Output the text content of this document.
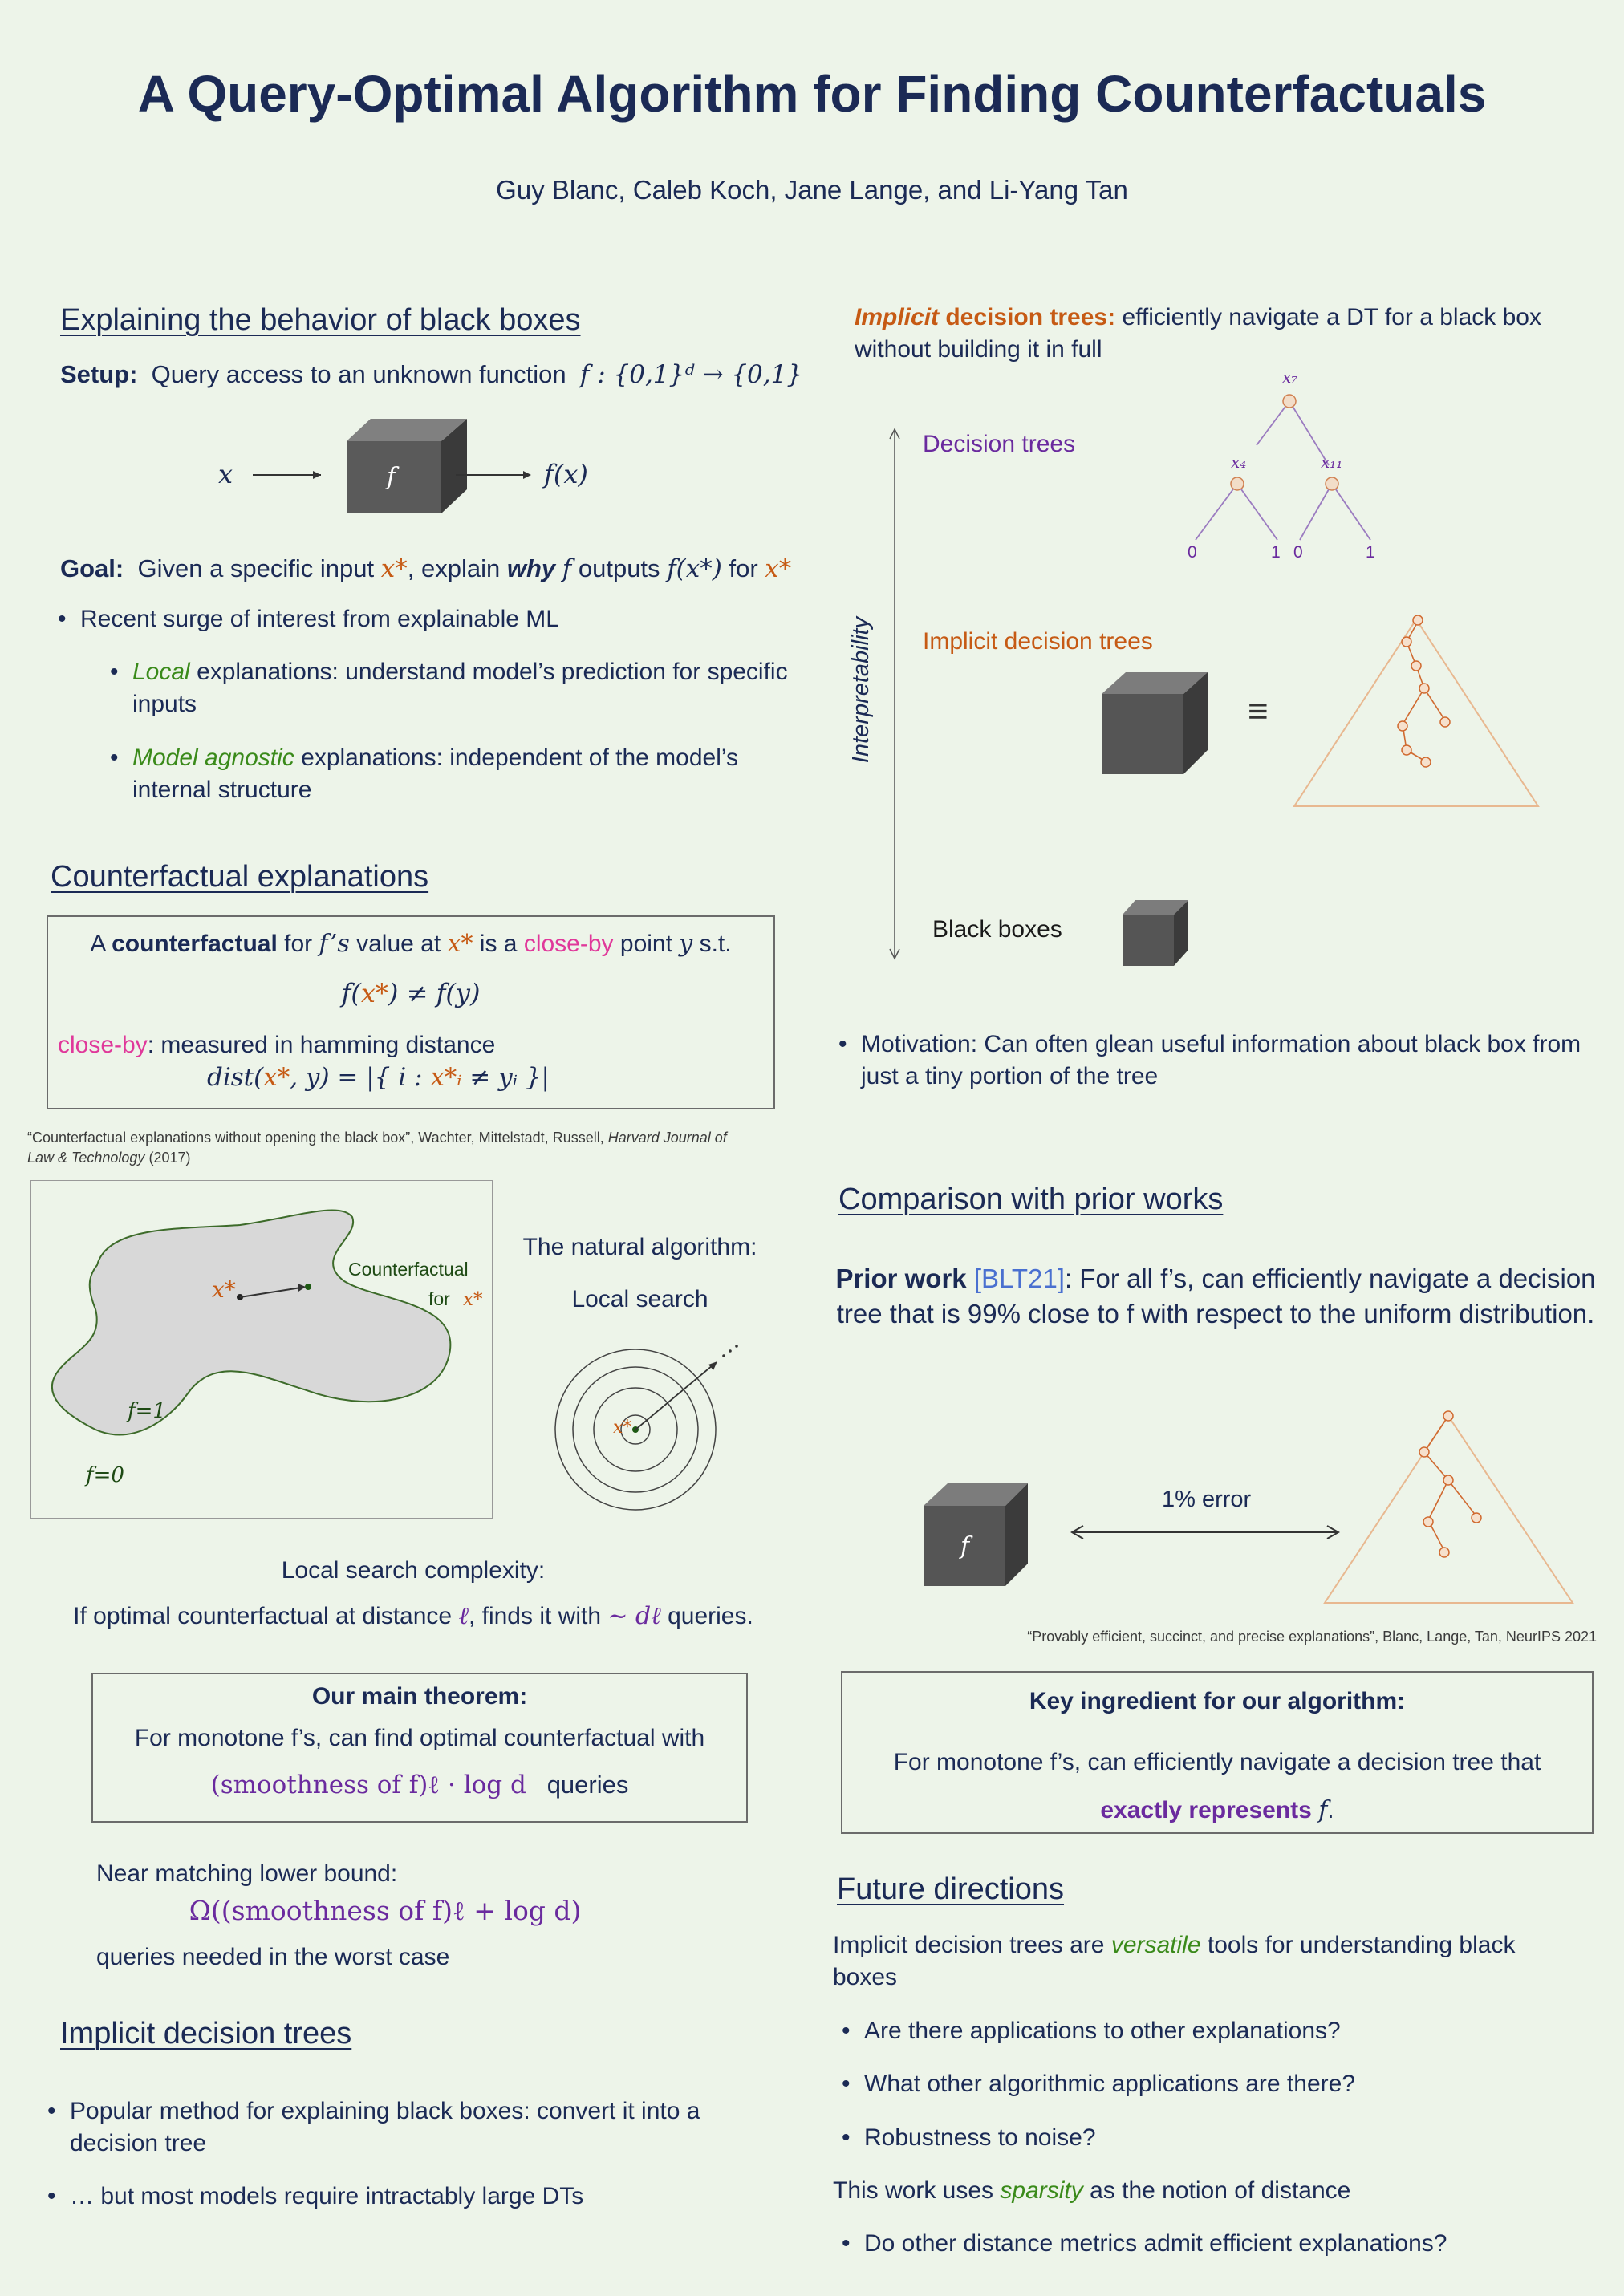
A Query-Optimal Algorithm for Finding Counterfactuals
Guy Blanc, Caleb Koch, Jane Lange, and Li-Yang Tan
Explaining the behavior of black boxes
Setup: Query access to an unknown function f : {0,1}ᵈ → {0,1}
x	f	f(x)
Goal: Given a specific input x*, explain why f outputs f(x*) for x*
• Recent surge of interest from explainable ML
• Local explanations: understand model’s prediction for specific inputs
• Model agnostic explanations: independent of the model’s internal structure
Counterfactual explanations
A counterfactual for f’s value at x* is a close-by point y s.t.
f(x*) ≠ f(y)
close-by: measured in hamming distance
dist(x*, y) = |{ i : x*ᵢ ≠ yᵢ }|
“Counterfactual explanations without opening the black box”, Wachter, Mittelstadt, Russell, Harvard Journal of Law & Technology (2017)
x*
Counterfactual
for x*
f=1
f=0
The natural algorithm:
Local search
x*
Local search complexity:
If optimal counterfactual at distance ℓ, finds it with ~ dℓ queries.
Our main theorem:
For monotone f’s, can find optimal counterfactual with
(smoothness of f)ℓ · log d queries
Near matching lower bound:
Ω((smoothness of f)ℓ + log d)
queries needed in the worst case
Implicit decision trees
• Popular method for explaining black boxes: convert it into a decision tree
• … but most models require intractably large DTs
Implicit decision trees: efficiently navigate a DT for a black box without building it in full
Interpretability
Decision trees
x₇
x₄	x₁₁
0	1 0	1
Implicit decision trees
≡
Black boxes
• Motivation: Can often glean useful information about black box from just a tiny portion of the tree
Comparison with prior works
Prior work [BLT21]: For all f’s, can efficiently navigate a decision tree that is 99% close to f with respect to the uniform distribution.
f
1% error
“Provably efficient, succinct, and precise explanations”, Blanc, Lange, Tan, NeurIPS 2021
Key ingredient for our algorithm:
For monotone f’s, can efficiently navigate a decision tree that
exactly represents f.
Future directions
Implicit decision trees are versatile tools for understanding black boxes
• Are there applications to other explanations?
• What other algorithmic applications are there?
• Robustness to noise?
This work uses sparsity as the notion of distance
• Do other distance metrics admit efficient explanations?
